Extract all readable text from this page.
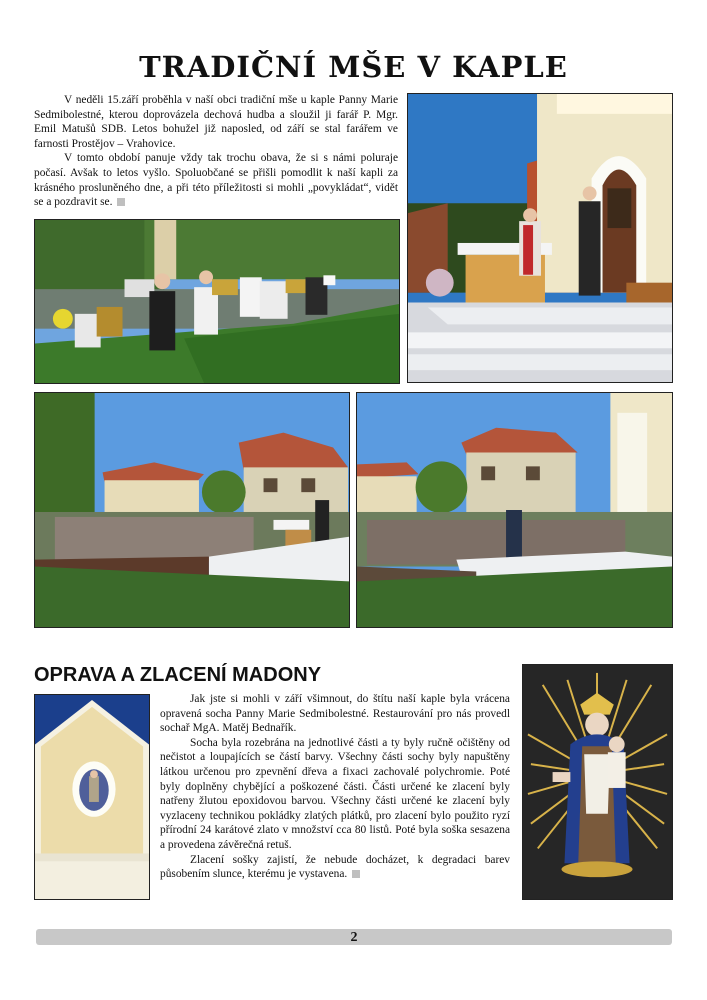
TRADIČNÍ MŠE V KAPLE

V neděli 15.září proběhla v naší obci tradiční mše u kaple Panny Marie Sedmibolestné, kterou doprovázela dechová hudba a sloužil ji farář P. Mgr. Emil Matušů SDB. Letos bohužel již naposled, od září se stal farářem ve farnosti Prostějov – Vrahovice.

V tomto období panuje vždy tak trochu obava, že si s námi poluraje počasí. Avšak to letos vyšlo. Spoluobčané se přišli pomodlit k naší kapli za krásného prosluněného dne, a při této příležitosti si mohli „povykládat“, vidět se a pozdravit se.

OPRAVA A ZLACENÍ MADONY

Jak jste si mohli v září všimnout, do štítu naší kaple byla vrácena opravená socha Panny Marie Sedmibolestné. Restaurování pro nás provedl sochař MgA. Matěj Bednařík.

Socha byla rozebrána na jednotlivé části a ty byly ručně očištěny od nečistot a loupajících se částí barvy. Všechny části sochy byly napuštěny látkou určenou pro zpevnění dřeva a fixaci zachovalé polychromie. Poté byly doplněny chybějící a poškozené části. Části určené ke zlacení byly natřeny žlutou epoxidovou barvou. Všechny části určené ke zlacení byly vyzlaceny technikou pokládky zlatých plátků, pro zlacení bylo použito ryzí přírodní 24 karátové zlato v množství cca 80 listů. Poté byla soška sesazena a provedena závěrečná retuš.

Zlacení sošky zajistí, že nebude docházet, k degradaci barev působením slunce, kterému je vystavena.

2
